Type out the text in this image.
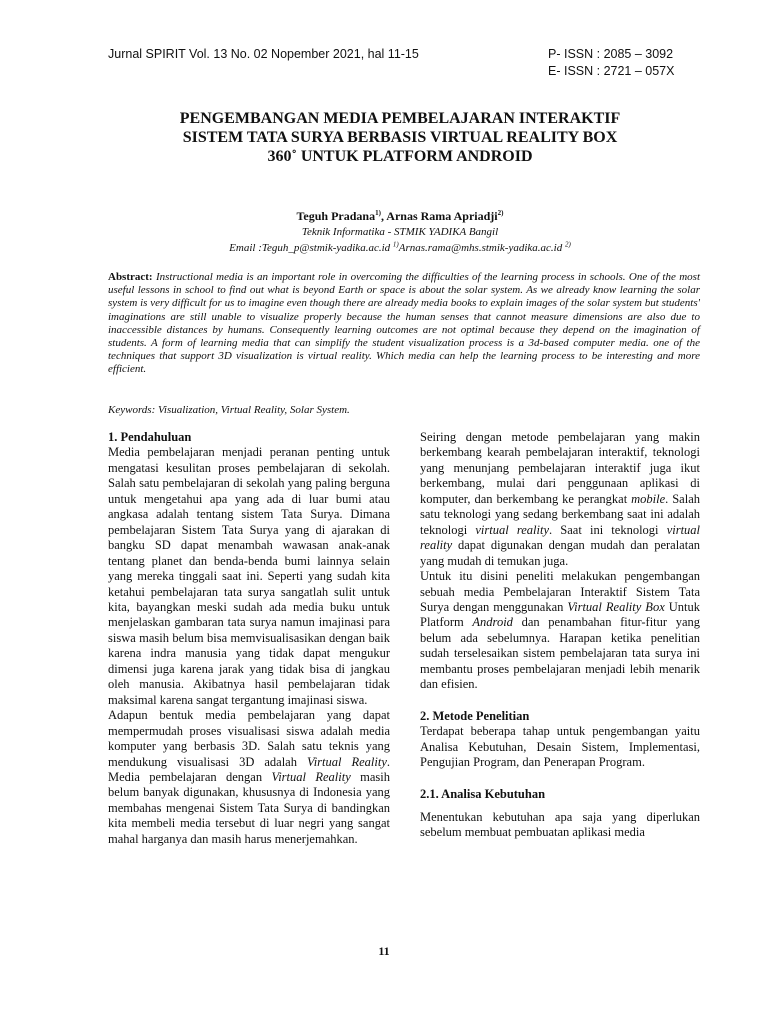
Jurnal SPIRIT Vol. 13 No. 02 Nopember 2021, hal 11-15	P- ISSN : 2085 – 3092
E- ISSN : 2721 – 057X
PENGEMBANGAN MEDIA PEMBELAJARAN INTERAKTIF
SISTEM TATA SURYA BERBASIS VIRTUAL REALITY BOX
360˚ UNTUK PLATFORM ANDROID
Teguh Pradana$^{1)}$, Arnas Rama Apriadji$^{2)}$
Teknik Informatika - STMIK YADIKA Bangil
Email :Teguh_p@stmik-yadika.ac.id $^{1)}$Arnas.rama@mhs.stmik-yadika.ac.id $^{2)}$
Abstract: Instructional media is an important role in overcoming the difficulties of the learning process in schools. One of the most useful lessons in school to find out what is beyond Earth or space is about the solar system. As we already know learning the solar system is very difficult for us to imagine even though there are already media books to explain images of the solar system but students' imaginations are still unable to visualize properly because the human senses that cannot measure dimensions are also due to inaccessible distances by humans. Consequently learning outcomes are not optimal because they depend on the imagination of students. A form of learning media that can simplify the student visualization process is a 3d-based computer media. one of the techniques that support 3D visualization is virtual reality. Which media can help the learning process to be interesting and more efficient.
Keywords: Visualization, Virtual Reality, Solar System.
1. Pendahuluan

Media pembelajaran menjadi peranan penting untuk mengatasi kesulitan proses pembelajaran di sekolah. Salah satu pembelajaran di sekolah yang paling berguna untuk mengetahui apa yang ada di luar bumi atau angkasa adalah tentang sistem Tata Surya. Dimana pembelajaran Sistem Tata Surya yang di ajarakan di bangku SD dapat menambah wawasan anak-anak tentang planet dan benda-benda bumi lainnya selain yang mereka tinggali saat ini. Seperti yang sudah kita ketahui pembelajaran tata surya sangatlah sulit untuk kita, bayangkan meski sudah ada media buku untuk menjelaskan gambaran tata surya namun imajinasi para siswa masih belum bisa memvisualisasikan dengan baik karena indra manusia yang tidak dapat mengukur dimensi juga karena jarak yang tidak bisa di jangkau oleh manusia. Akibatnya hasil pembelajaran tidak maksimal karena sangat tergantung imajinasi siswa.

Adapun bentuk media pembelajaran yang dapat mempermudah proses visualisasi siswa adalah media komputer yang berbasis 3D. Salah satu teknis yang mendukung visualisasi 3D adalah Virtual Reality. Media pembelajaran dengan Virtual Reality masih belum banyak digunakan, khususnya di Indonesia yang membahas mengenai Sistem Tata Surya di bandingkan kita membeli media tersebut di luar negri yang sangat mahal harganya dan masih harus menerjemahkan.

Seiring dengan metode pembelajaran yang makin berkembang kearah pembelajaran interaktif, teknologi yang menunjang pembelajaran interaktif juga ikut berkembang, mulai dari penggunaan aplikasi di komputer, dan berkembang ke perangkat mobile. Salah satu teknologi yang sedang berkembang saat ini adalah teknologi virtual reality. Saat ini teknologi virtual reality dapat digunakan dengan mudah dan peralatan yang mudah di temukan juga.

Untuk itu disini peneliti melakukan pengembangan sebuah media Pembelajaran Interaktif Sistem Tata Surya dengan menggunakan Virtual Reality Box Untuk Platform Android dan penambahan fitur-fitur yang belum ada sebelumnya. Harapan ketika penelitian sudah terselesaikan sistem pembelajaran tata surya ini membantu proses pembelajaran menjadi lebih menarik dan efisien.

2. Metode Penelitian

Terdapat beberapa tahap untuk pengembangan yaitu Analisa Kebutuhan, Desain Sistem, Implementasi, Pengujian Program, dan Penerapan Program.

2.1. Analisa Kebutuhan

Menentukan kebutuhan apa saja yang diperlukan sebelum membuat pembuatan aplikasi media

11
